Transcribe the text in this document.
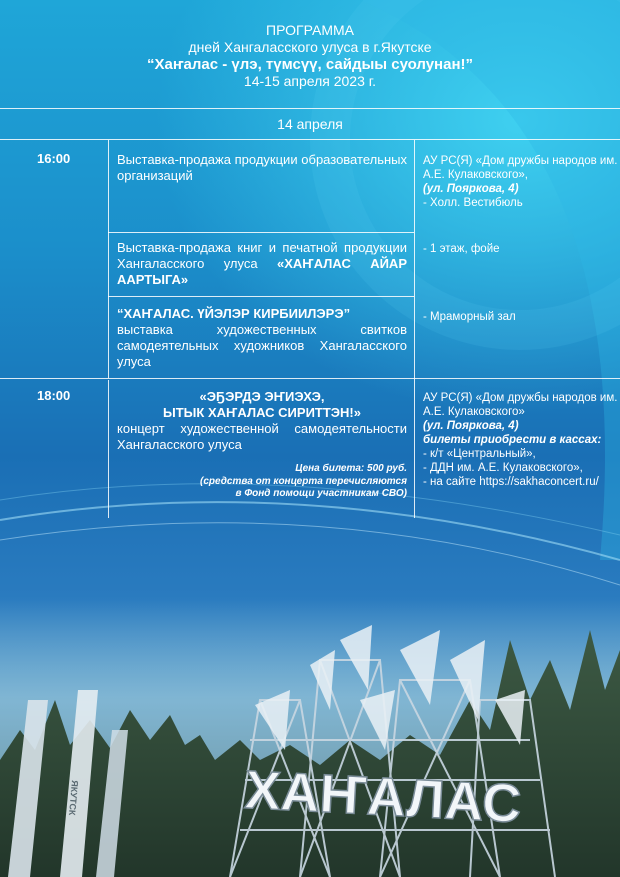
ПРОГРАММА
дней Хангаласского улуса в г.Якутске
“Хаҥалас - үлэ, түмсүү, сайдыы суолунан!”
14-15 апреля 2023 г.
14 апреля
16:00	Выставка-продажа продукции образовательных организаций
АУ РС(Я) «Дом дружбы народов им. А.Е. Кулаковского»,
(ул. Пояркова, 4)
- Холл. Вестибюль
Выставка-продажа книг и печатной продукции Хангаласского улуса «ХАҤАЛАС АЙАР ААРТЫГА»
- 1 этаж, фойе
“ХАҤАЛАС. ҮЙЭЛЭР КИРБИИЛЭРЭ”
выставка художественных свитков самодеятельных художников Хангаласского улуса
- Мраморный зал
18:00	«ЭҔЭРДЭ ЭҤИЭХЭ,
ЫТЫК ХАҤАЛАС СИРИТТЭН!»
концерт художественной самодеятельности Хангаласского улуса
Цена билета: 500 руб.
(средства от концерта перечисляются
в Фонд помощи участникам СВО)
АУ РС(Я) «Дом дружбы народов им. А.Е. Кулаковского»
(ул. Пояркова, 4)
билеты приобрести в кассах:
- к/т «Центральный»,
- ДДН им. А.Е. Кулаковского»,
- на сайте https://sakhaconcert.ru/
ХАҤАЛАС
ЯКУТСК
